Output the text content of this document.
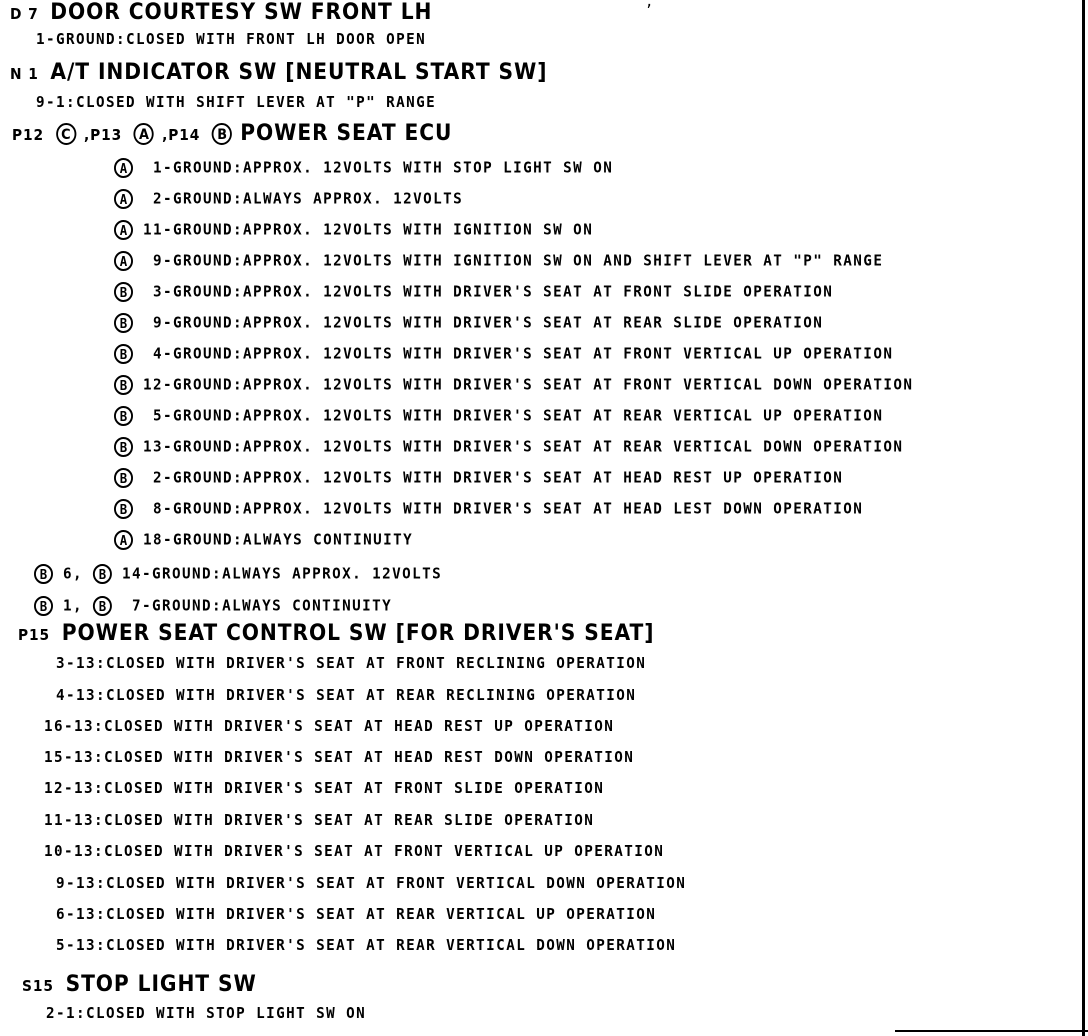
D 7 DOOR COURTESY SW FRONT LH	,
1-GROUND:CLOSED WITH FRONT LH DOOR OPEN
N 1 A/T INDICATOR SW [NEUTRAL START SW]
9-1:CLOSED WITH SHIFT LEVER AT "P" RANGE
P12 C ,P13 A ,P14 B POWER SEAT ECU
A 1-GROUND:APPROX. 12VOLTS WITH STOP LIGHT SW ON
A 2-GROUND:ALWAYS APPROX. 12VOLTS
A 11-GROUND:APPROX. 12VOLTS WITH IGNITION SW ON
A 9-GROUND:APPROX. 12VOLTS WITH IGNITION SW ON AND SHIFT LEVER AT "P" RANGE
B 3-GROUND:APPROX. 12VOLTS WITH DRIVER'S SEAT AT FRONT SLIDE OPERATION
B 9-GROUND:APPROX. 12VOLTS WITH DRIVER'S SEAT AT REAR SLIDE OPERATION
B 4-GROUND:APPROX. 12VOLTS WITH DRIVER'S SEAT AT FRONT VERTICAL UP OPERATION
B 12-GROUND:APPROX. 12VOLTS WITH DRIVER'S SEAT AT FRONT VERTICAL DOWN OPERATION
B 5-GROUND:APPROX. 12VOLTS WITH DRIVER'S SEAT AT REAR VERTICAL UP OPERATION
B 13-GROUND:APPROX. 12VOLTS WITH DRIVER'S SEAT AT REAR VERTICAL DOWN OPERATION
B 2-GROUND:APPROX. 12VOLTS WITH DRIVER'S SEAT AT HEAD REST UP OPERATION
B 8-GROUND:APPROX. 12VOLTS WITH DRIVER'S SEAT AT HEAD LEST DOWN OPERATION
A 18-GROUND:ALWAYS CONTINUITY
B 6, B 14-GROUND:ALWAYS APPROX. 12VOLTS
B 1, B 7-GROUND:ALWAYS CONTINUITY
P15 POWER SEAT CONTROL SW [FOR DRIVER'S SEAT]
3-13:CLOSED WITH DRIVER'S SEAT AT FRONT RECLINING OPERATION
4-13:CLOSED WITH DRIVER'S SEAT AT REAR RECLINING OPERATION
16-13:CLOSED WITH DRIVER'S SEAT AT HEAD REST UP OPERATION
15-13:CLOSED WITH DRIVER'S SEAT AT HEAD REST DOWN OPERATION
12-13:CLOSED WITH DRIVER'S SEAT AT FRONT SLIDE OPERATION
11-13:CLOSED WITH DRIVER'S SEAT AT REAR SLIDE OPERATION
10-13:CLOSED WITH DRIVER'S SEAT AT FRONT VERTICAL UP OPERATION
9-13:CLOSED WITH DRIVER'S SEAT AT FRONT VERTICAL DOWN OPERATION
6-13:CLOSED WITH DRIVER'S SEAT AT REAR VERTICAL UP OPERATION
5-13:CLOSED WITH DRIVER'S SEAT AT REAR VERTICAL DOWN OPERATION
S15 STOP LIGHT SW
2-1:CLOSED WITH STOP LIGHT SW ON
